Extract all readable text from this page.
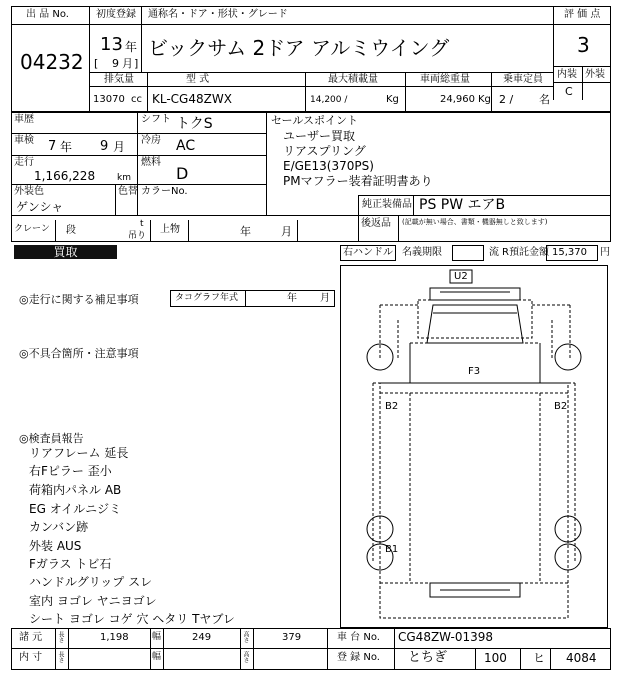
出 品 No.	初度登録 通称名・ドア・形状・グレード	評 価 点
04232
13 年
[ 9 月 ]
ビックサム 2ドア アルミウイング	3
内装 外装
C
排気量	型 式	最大積載量	車両総重量	乗車定員
13070 cc KL-CG48ZWX	14,200 /	Kg	24,960 Kg 2 / 名
車歴
車検 7 年 9 月
走行
1,166,228 km
シフト トクS
冷房 AC
燃料
D
外装色
ゲンシャ
色替 カラーNo.
セールスポイント
ユーザー買取
リアスプリング
E/GE13(370PS)
PMマフラー装着証明書あり
純正装備品 PS PW エアB
後返品 (記載が無い場合、書類・機器無しと致します)
クレーン 段
t
吊り
上物	年	月
買取	右ハンドル 名義期限	流 R預託金額 15,370 円
◎走行に関する補足事項	タコグラフ年式	年 月
◎不具合箇所・注意事項
◎検査員報告
リアフレーム 延長
右Fピラー 歪小
荷箱内パネル AB
EG オイルニジミ
カンバン跡
外装 AUS
Fガラス トビ石
ハンドルグリップ スレ
室内 ヨゴレ ヤニヨゴレ
シート ヨゴレ コゲ 穴 ヘタリ Tヤブレ
U2
F3
B2	B2
B1
諸 元 長さ	1,198	幅	249	高さ	379	車 台 No. CG48ZW-01398
内 寸 長さ	幅	高さ	登 録 No. とちぎ	100 ヒ 4084
